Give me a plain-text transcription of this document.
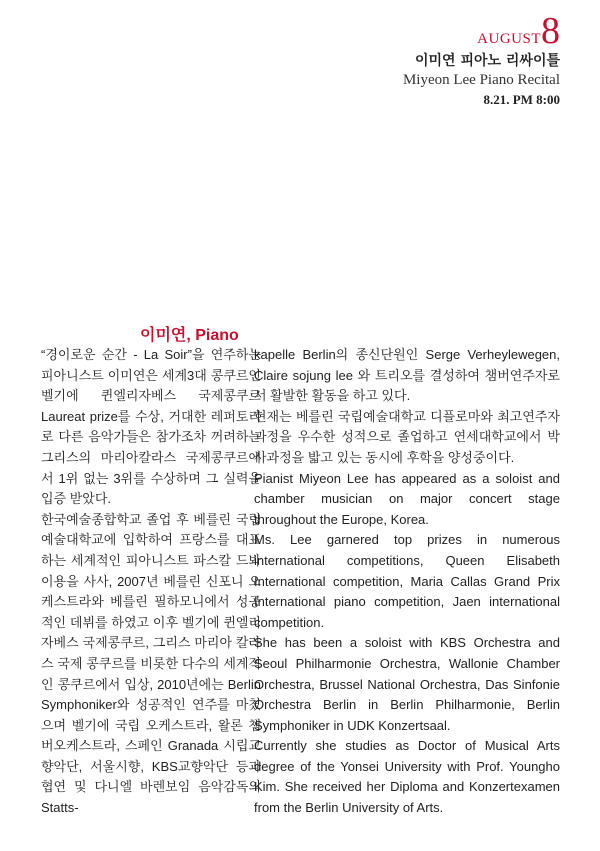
AUGUST8
이미연 피아노 리싸이틀
Miyeon Lee Piano Recital
8.21. PM 8:00
이미연, Piano

“경이로운 순간 - La Soir”을 연주하는 피아니스트 이미연은 세계3대 콩쿠르인 벨기에 퀸엘리자베스 국제콩쿠르 Laureat prize를 수상, 거대한 레퍼토리로 다른 음악가들은 참가조차 꺼려하는 그리스의 마리아칼라스 국제콩쿠르에서 1위 없는 3위를 수상하며 그 실력을 입증 받았다.

한국예술종합학교 졸업 후 베를린 국립예술대학교에 입학하여 프랑스를 대표하는 세계적인 피아니스트 파스칼 드봐이용을 사사, 2007년 베를린 신포니 오케스트라와 베를린 필하모니에서 성공적인 데뷔를 하였고 이후 벨기에 퀸엘리자베스 국제콩쿠르, 그리스 마리아 칼라스 국제 콩쿠르를 비롯한 다수의 세계적인 콩쿠르에서 입상, 2010년에는 Berlin Symphoniker와 성공적인 연주를 마쳤으며 벨기에 국립 오케스트라, 왈론 챔버오케스트라, 스페인 Granada 시립교향악단, 서울시향, KBS교향악단 등과 협연 및 다니엘 바렌보임 음악감독의 Statts-

kapelle Berlin의 종신단원인 Serge Verheylewegen, Claire sojung lee 와 트리오를 결성하여 챔버연주자로서 활발한 활동을 하고 있다.

현재는 베를린 국립예술대학교 디플로마와 최고연주자 과정을 우수한 성적으로 졸업하고 연세대학교에서 박사과정을 밟고 있는 동시에 후학을 양성중이다.

Pianist Miyeon Lee has appeared as a soloist and chamber musician on major concert stage throughout the Europe, Korea.

Ms. Lee garnered top prizes in numerous international competitions, Queen Elisabeth International competition, Maria Callas Grand Prix International piano competition, Jaen international competition.

She has been a soloist with KBS Orchestra and Seoul Philharmonie Orchestra, Wallonie Chamber Orchestra, Brussel National Orchestra, Das Sinfonie Orchestra Berlin in Berlin Philharmonie, Berlin Symphoniker in UDK Konzertsaal.

Currently she studies as Doctor of Musical Arts degree of the Yonsei University with Prof. Youngho Kim. She received her Diploma and Konzertexamen from the Berlin University of Arts.
